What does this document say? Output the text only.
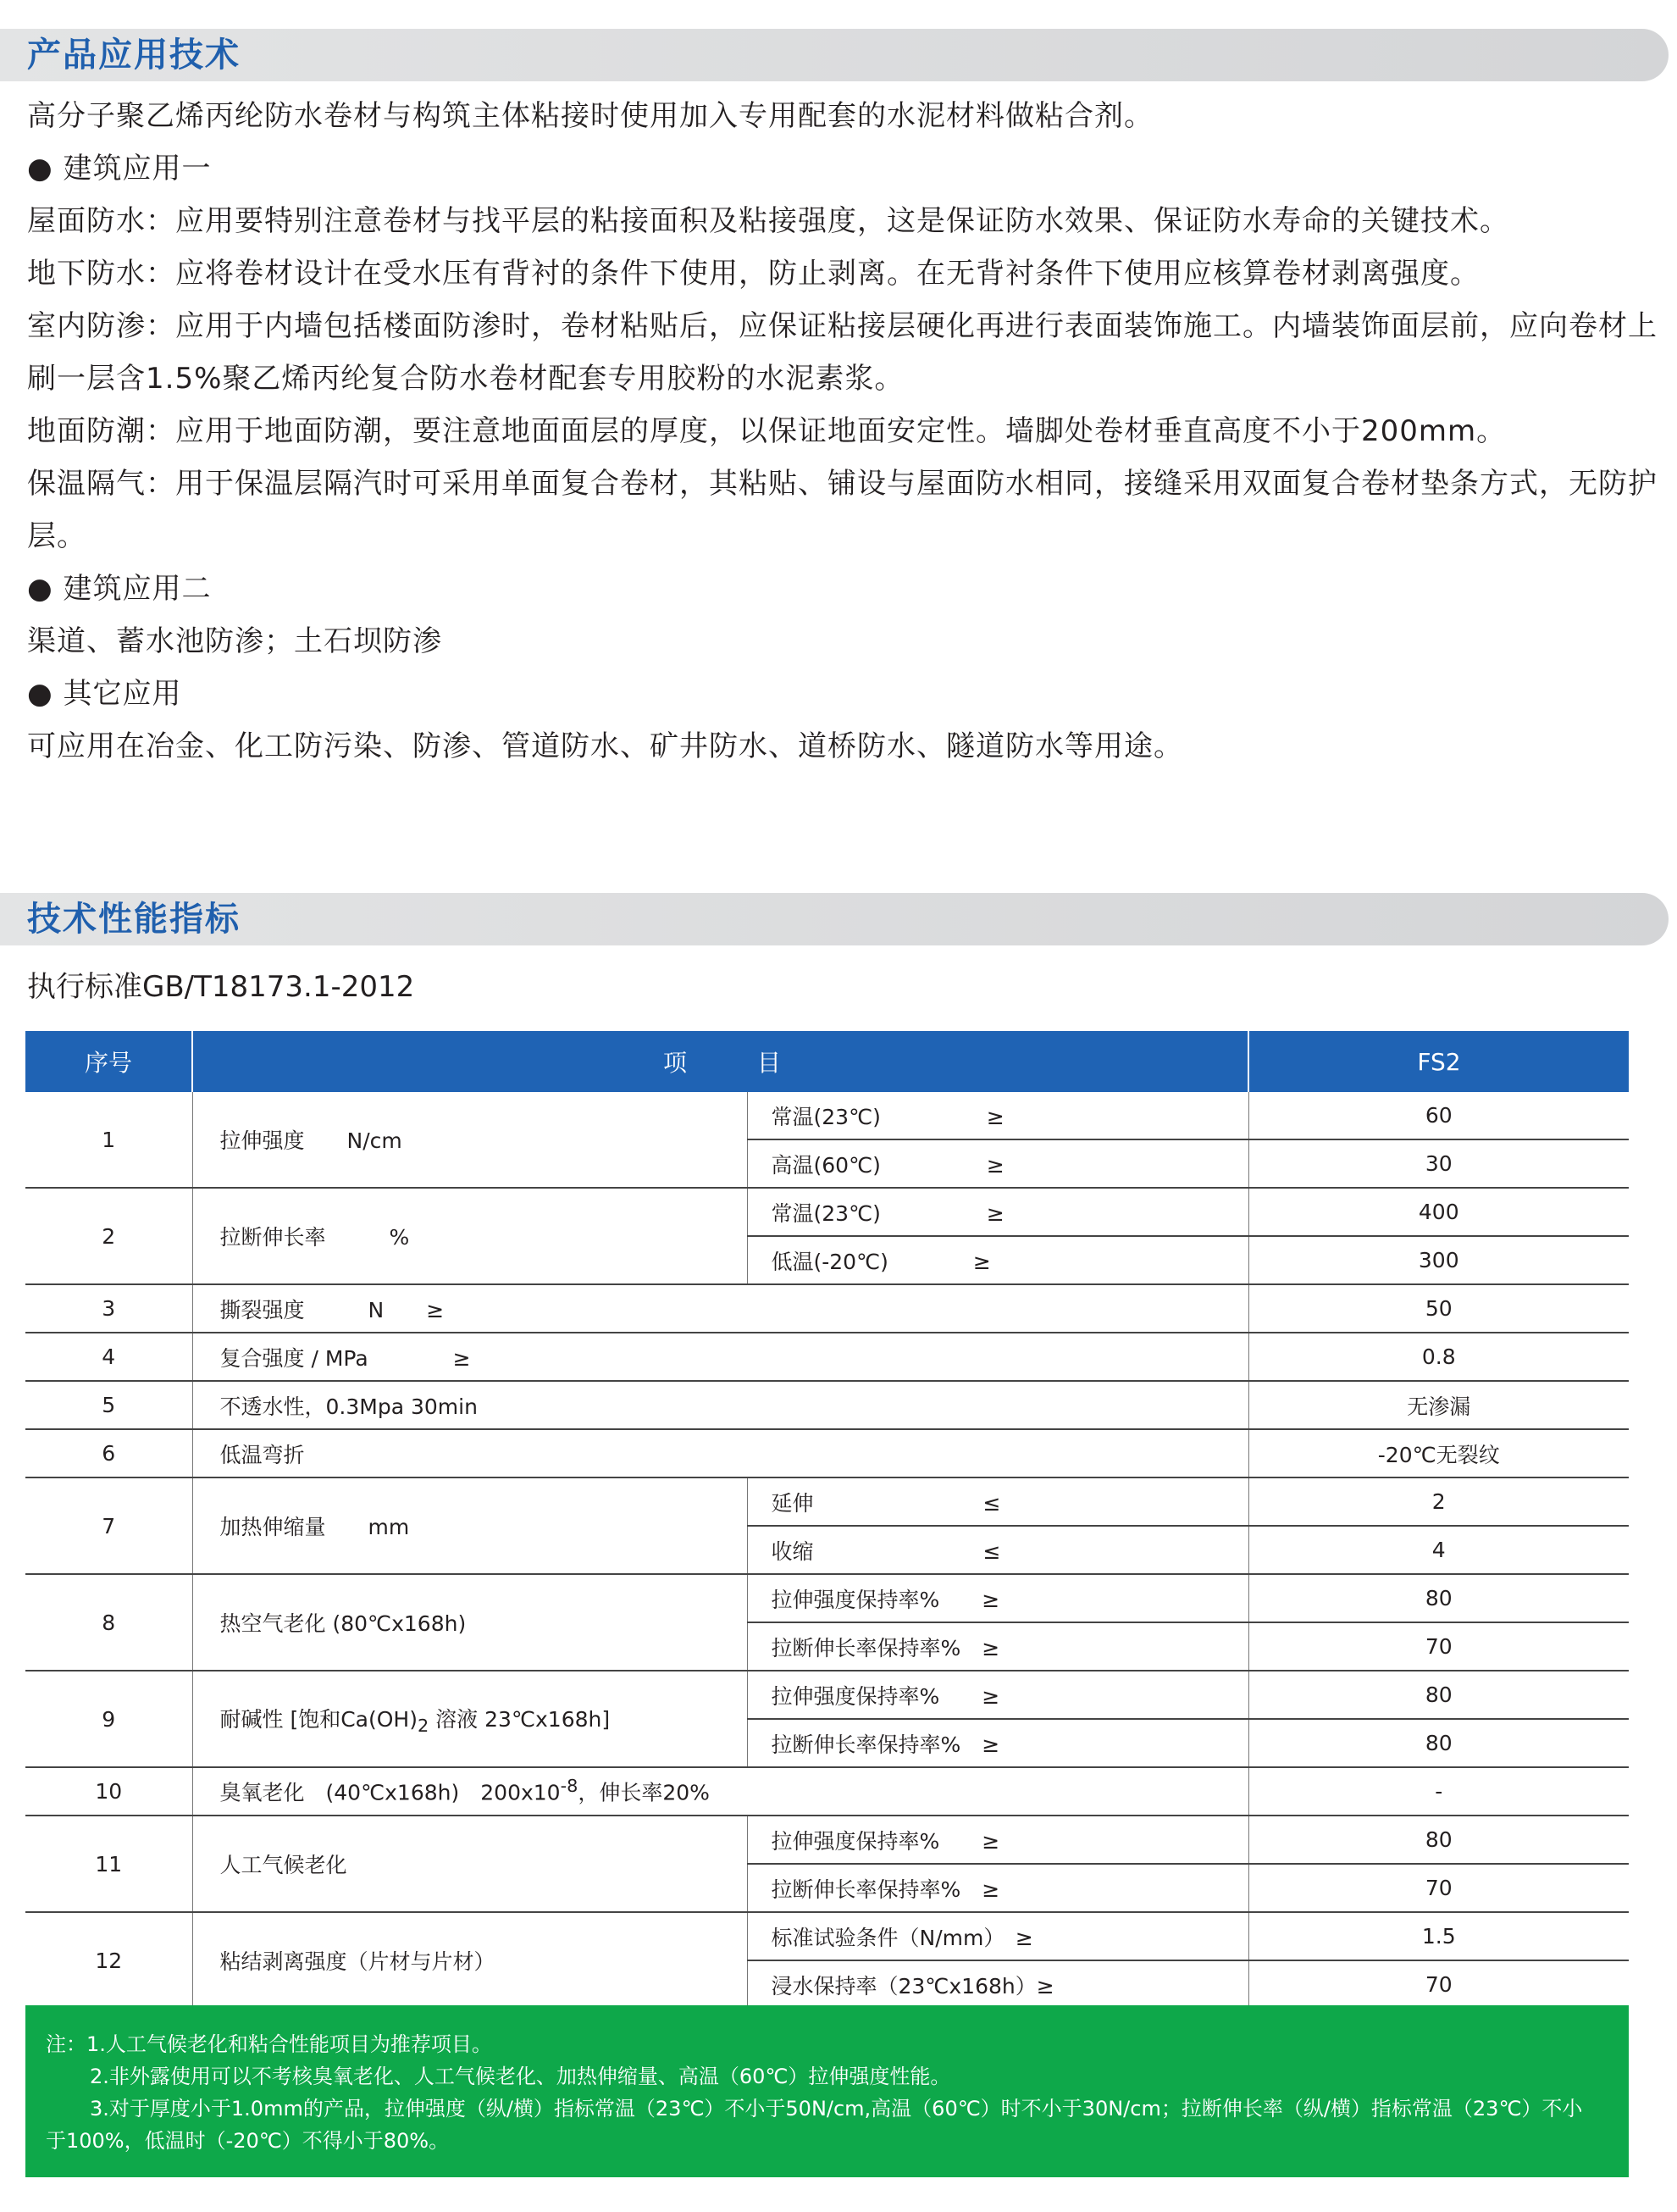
产品应用技术

高分子聚乙烯丙纶防水卷材与构筑主体粘接时使用加入专用配套的水泥材料做粘合剂。

● 建筑应用一

屋面防水：应用要特别注意卷材与找平层的粘接面积及粘接强度，这是保证防水效果、保证防水寿命的关键技术。

地下防水：应将卷材设计在受水压有背衬的条件下使用，防止剥离。在无背衬条件下使用应核算卷材剥离强度。

室内防渗：应用于内墙包括楼面防渗时，卷材粘贴后，应保证粘接层硬化再进行表面装饰施工。内墙装饰面层前，应向卷材上刷一层含1.5%聚乙烯丙纶复合防水卷材配套专用胶粉的水泥素浆。

地面防潮：应用于地面防潮，要注意地面面层的厚度，以保证地面安定性。墙脚处卷材垂直高度不小于200mm。

保温隔气：用于保温层隔汽时可采用单面复合卷材，其粘贴、铺设与屋面防水相同，接缝采用双面复合卷材垫条方式，无防护层。

● 建筑应用二

渠道、蓄水池防渗；土石坝防渗

● 其它应用

可应用在冶金、化工防污染、防渗、管道防水、矿井防水、道桥防水、隧道防水等用途。

技术性能指标
执行标准GB/T18173.1-2012
序号	项 目		FS2
1	拉伸强度　　N/cm	常温(23℃)　　　　　≥	60
		高温(60℃)　　　　　≥	30
2	拉断伸长率　　　%	常温(23℃)　　　　　≥	400
		低温(-20℃)　　　　≥	300
3	撕裂强度　　　N　　≥		50
4	复合强度 / MPa　　　　≥		0.8
5	不透水性，0.3Mpa 30min		无渗漏
6	低温弯折		-20℃无裂纹
7	加热伸缩量　　mm	延伸　　　　　　　　≤	2
		收缩　　　　　　　　≤	4
8	热空气老化 (80℃x168h)	拉伸强度保持率%　　≥	80
		拉断伸长率保持率%　≥	70
9	耐碱性 [饱和$Ca(OH)_2$ 溶液 23℃x168h]	拉伸强度保持率%　　≥	80
		拉断伸长率保持率%　≥	80
10	臭氧老化　(40℃x168h)　$200x10^{-8}$，伸长率20%		-
11	人工气候老化	拉伸强度保持率%　　≥	80
		拉断伸长率保持率%　≥	70
12	粘结剥离强度（片材与片材）	标准试验条件（N/mm）　≥	1.5
		浸水保持率（23℃x168h）≥	70

注：1.人工气候老化和粘合性能项目为推荐项目。

2.非外露使用可以不考核臭氧老化、人工气候老化、加热伸缩量、高温（60℃）拉伸强度性能。

3.对于厚度小于1.0mm的产品，拉伸强度（纵/横）指标常温（23℃）不小于50N/cm,高温（60℃）时不小于30N/cm；拉断伸长率（纵/横）指标常温（23℃）不小

于100%，低温时（-20℃）不得小于80%。
